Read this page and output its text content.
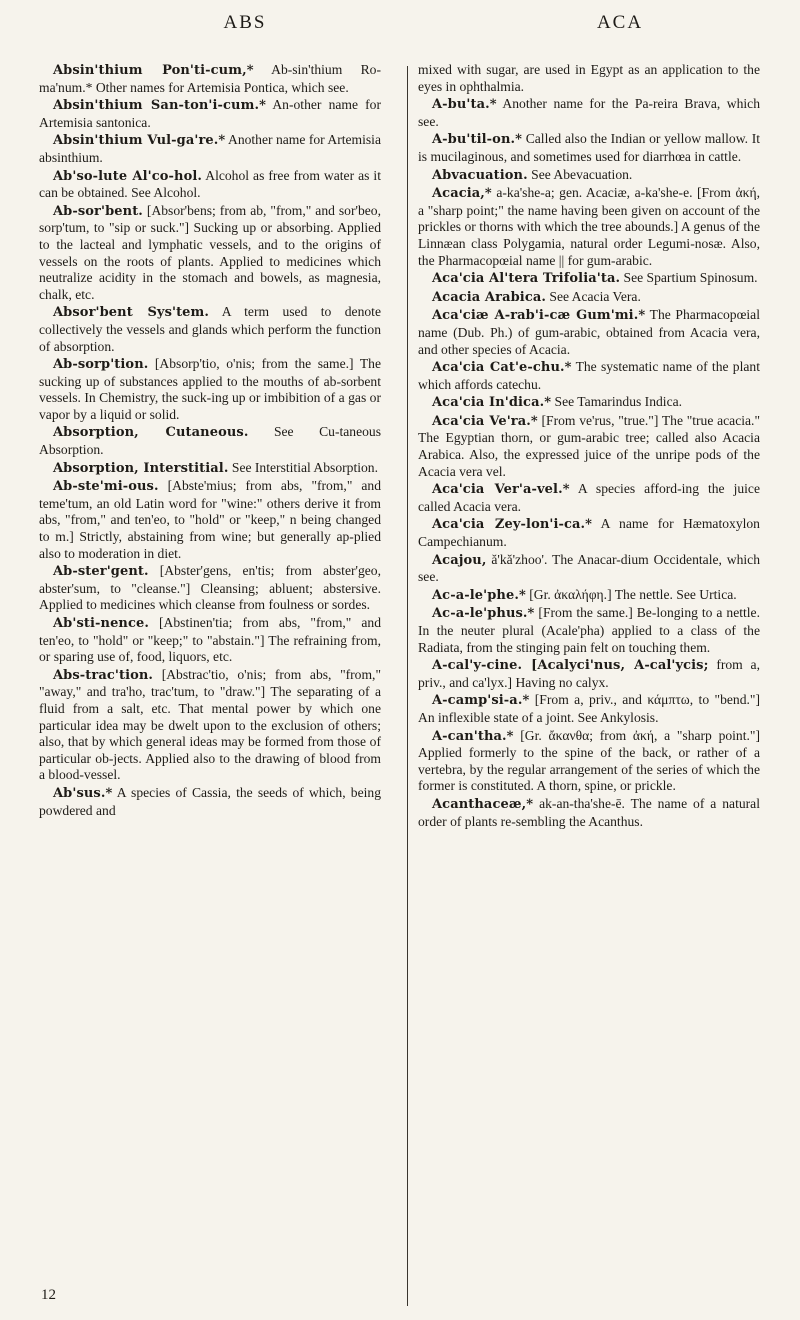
ABS	ACA

Absin'thium Pon'ti-cum,* Ab-sin'thium Ro-ma'num.* Other names for Artemisia Pontica, which see.

Absin'thium San-ton'i-cum.* An-other name for Artemisia santonica.

Absin'thium Vul-ga're.* Another name for Artemisia absinthium.

Ab'so-lute Al'co-hol. Alcohol as free from water as it can be obtained. See Alcohol.

Ab-sor'bent. [Absor'bens; from ab, "from," and sor'beo, sorp'tum, to "sip or suck."] Sucking up or absorbing. Applied to the lacteal and lymphatic vessels, and to the origins of vessels on the roots of plants. Applied to medicines which neutralize acidity in the stomach and bowels, as magnesia, chalk, etc.

Absor'bent Sys'tem. A term used to denote collectively the vessels and glands which perform the function of absorption.

Ab-sorp'tion. [Absorp'tio, o'nis; from the same.] The sucking up of substances applied to the mouths of ab-sorbent vessels. In Chemistry, the suck-ing up or imbibition of a gas or vapor by a liquid or solid.

Absorption, Cutaneous. See Cu-taneous Absorption.

Absorption, Interstitial. See Interstitial Absorption.

Ab-ste'mi-ous. [Abste'mius; from abs, "from," and teme'tum, an old Latin word for "wine:" others derive it from abs, "from," and ten'eo, to "hold" or "keep," n being changed to m.] Strictly, abstaining from wine; but generally ap-plied also to moderation in diet.

Ab-ster'gent. [Abster'gens, en'tis; from abster'geo, abster'sum, to "cleanse."] Cleansing; abluent; abstersive. Applied to medicines which cleanse from foulness or sordes.

Ab'sti-nence. [Abstinen'tia; from abs, "from," and ten'eo, to "hold" or "keep;" to "abstain."] The refraining from, or sparing use of, food, liquors, etc.

Abs-trac'tion. [Abstrac'tio, o'nis; from abs, "from," "away," and tra'ho, trac'tum, to "draw."] The separating of a fluid from a salt, etc. That mental power by which one particular idea may be dwelt upon to the exclusion of others; also, that by which general ideas may be formed from those of particular ob-jects. Applied also to the drawing of blood from a blood-vessel.

Ab'sus.* A species of Cassia, the seeds of which, being powdered and

mixed with sugar, are used in Egypt as an application to the eyes in ophthalmia.

A-bu'ta.* Another name for the Pa-reira Brava, which see.

A-bu'til-on.* Called also the Indian or yellow mallow. It is mucilaginous, and sometimes used for diarrhœa in cattle.

Abvacuation. See Abevacuation.

Acacia,* a-ka'she-a; gen. Acaciæ, a-ka'she-e. [From ἀκή, a "sharp point;" the name having been given on account of the prickles or thorns with which the tree abounds.] A genus of the Linnæan class Polygamia, natural order Legumi-nosæ. Also, the Pharmacopœial name || for gum-arabic.

Aca'cia Al'tera Trifolia'ta. See Spartium Spinosum.

Acacia Arabica. See Acacia Vera.

Aca'ciæ A-rab'i-cæ Gum'mi.* The Pharmacopœial name (Dub. Ph.) of gum-arabic, obtained from Acacia vera, and other species of Acacia.

Aca'cia Cat'e-chu.* The systematic name of the plant which affords catechu.

Aca'cia In'dica.* See Tamarindus Indica.

Aca'cia Ve'ra.* [From ve'rus, "true."] The "true acacia." The Egyptian thorn, or gum-arabic tree; called also Acacia Arabica. Also, the expressed juice of the unripe pods of the Acacia vera vel.

Aca'cia Ver'a-vel.* A species afford-ing the juice called Acacia vera.

Aca'cia Zey-lon'i-ca.* A name for Hæmatoxylon Campechianum.

Acajou, ă'kă'zhoo'. The Anacar-dium Occidentale, which see.

Ac-a-le'phe.* [Gr. ἀκαλήφη.] The nettle. See Urtica.

Ac-a-le'phus.* [From the same.] Be-longing to a nettle. In the neuter plural (Acale'pha) applied to a class of the Radiata, from the stinging pain felt on touching them.

A-cal'y-cine. [Acalyci'nus, A-cal'ycis; from a, priv., and ca'lyx.] Having no calyx.

A-camp'si-a.* [From a, priv., and κάμπτω, to "bend."] An inflexible state of a joint. See Ankylosis.

A-can'tha.* [Gr. ἄκανθα; from ἀκή, a "sharp point."] Applied formerly to the spine of the back, or rather of a vertebra, by the regular arrangement of the series of which the former is constituted. A thorn, spine, or prickle.

Acanthaceæ,* ak-an-tha'she-ē. The name of a natural order of plants re-sembling the Acanthus.

12
